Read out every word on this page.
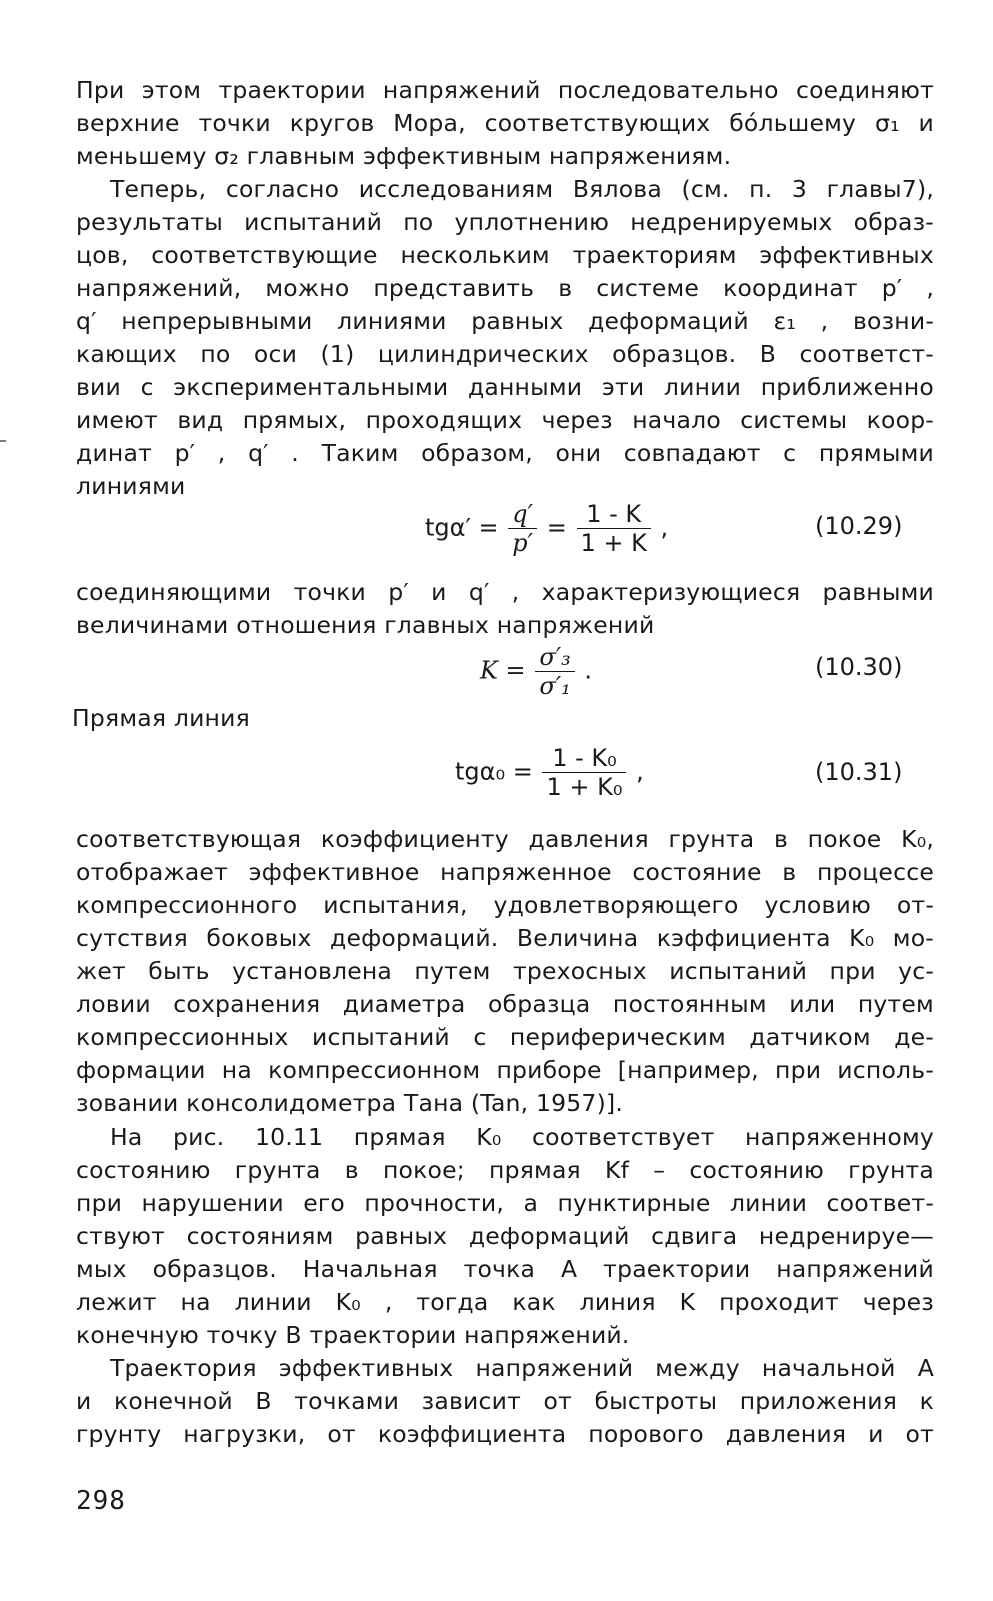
При этом траектории напряжений последовательно соединяют
верхние точки кругов Мора, соответствующих бо́льшему σ₁ и
меньшему σ₂ главным эффективным напряжениям.
Теперь, согласно исследованиям Вялова (см. п. 3 главы7),
результаты испытаний по уплотнению недренируемых образ-
цов, соответствующие нескольким траекториям эффективных
напряжений, можно представить в системе координат p′ ,
q′ непрерывными линиями равных деформаций ε₁ , возни-
кающих по оси (1) цилиндрических образцов. В соответст-
вии с экспериментальными данными эти линии приближенно
имеют вид прямых, проходящих через начало системы коор-
динат p′ , q′ . Таким образом, они совпадают с прямыми
линиями
$tg\alpha' = \frac{q'}{p'} = \frac{1 - K}{1 + K}$ ,	(10.29)
соединяющими точки p′ и q′ , характеризующиеся равными
величинами отношения главных напряжений
$K = \frac{\text{σ′₃}}{\text{σ′₁}}$ .	(10.30)
Прямая линия
$tg\alpha_0 = \frac{\text{1 - K₀}}{\text{1 + K₀}}$ ,	(10.31)
соответствующая коэффициенту давления грунта в покое K₀,
отображает эффективное напряженное состояние в процессе
компрессионного испытания, удовлетворяющего условию от-
сутствия боковых деформаций. Величина кэффициента K₀ мо-
жет быть установлена путем трехосных испытаний при ус-
ловии сохранения диаметра образца постоянным или путем
компрессионных испытаний с периферическим датчиком де-
формации на компрессионном приборе [например, при исполь-
зовании консолидометра Тана (Tan, 1957)].
На рис. 10.11 прямая K₀ соответствует напряженному
состоянию грунта в покое; прямая Kf – состоянию грунта
при нарушении его прочности, а пунктирные линии соответ-
ствуют состояниям равных деформаций сдвига недренируе—
мых образцов. Начальная точка A траектории напряжений
лежит на линии K₀ , тогда как линия K проходит через
конечную точку B траектории напряжений.
Траектория эффективных напряжений между начальной A
и конечной B точками зависит от быстроты приложения к
грунту нагрузки, от коэффициента порового давления и от
298
